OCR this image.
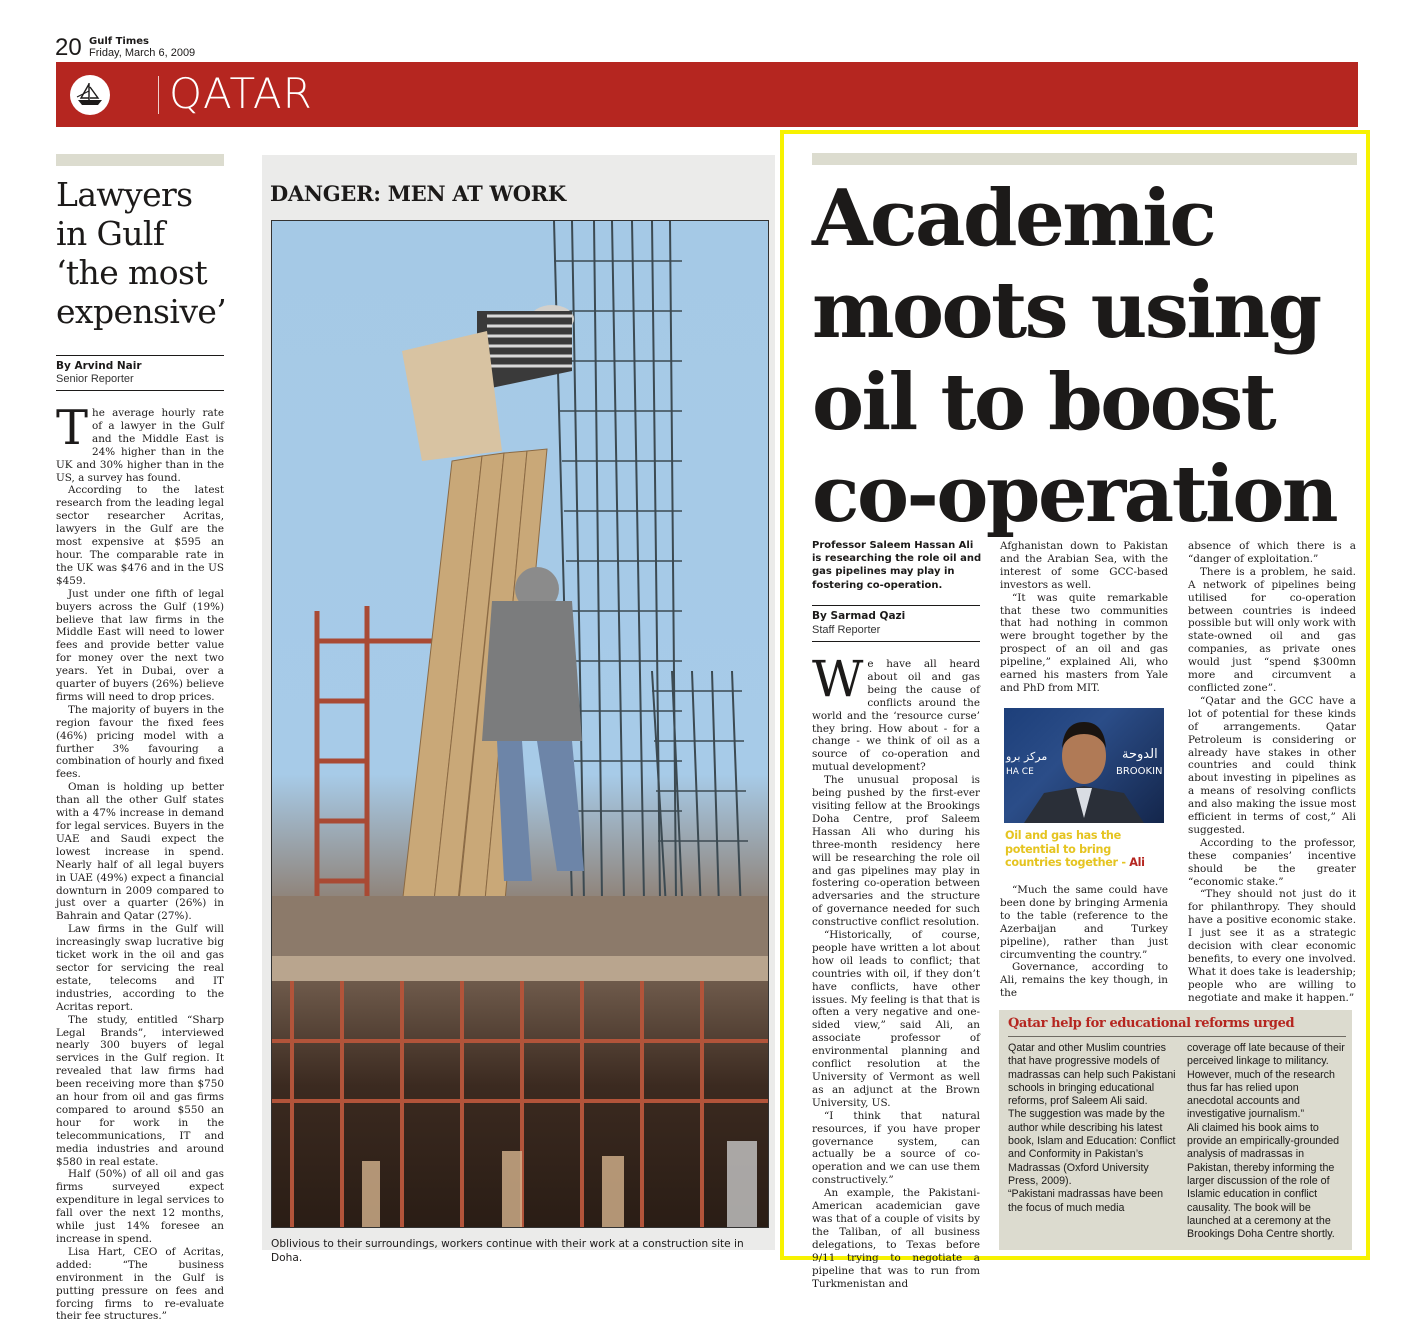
20 Gulf Times
Friday, March 6, 2009
QATAR
Lawyers in Gulf ‘the most expensive’
By Arvind Nair
Senior Reporter

The average hourly rate of a lawyer in the Gulf and the Middle East is 24% higher than in the UK and 30% higher than in the US, a survey has found.

According to the latest research from the leading legal sector researcher Acritas, lawyers in the Gulf are the most expensive at $595 an hour. The comparable rate in the UK was $476 and in the US $459.

Just under one fifth of legal buyers across the Gulf (19%) believe that law firms in the Middle East will need to lower fees and provide better value for money over the next two years. Yet in Dubai, over a quarter of buyers (26%) believe firms will need to drop prices.

The majority of buyers in the region favour the fixed fees (46%) pricing model with a further 3% favouring a combination of hourly and fixed fees.

Oman is holding up better than all the other Gulf states with a 47% increase in demand for legal services. Buyers in the UAE and Saudi expect the lowest increase in spend. Nearly half of all legal buyers in UAE (49%) expect a financial downturn in 2009 compared to just over a quarter (26%) in Bahrain and Qatar (27%).

Law firms in the Gulf will increasingly swap lucrative big ticket work in the oil and gas sector for servicing the real estate, telecoms and IT industries, according to the Acritas report.

The study, entitled “Sharp Legal Brands”, interviewed nearly 300 buyers of legal services in the Gulf region. It revealed that law firms had been receiving more than $750 an hour from oil and gas firms compared to around $550 an hour for work in the telecommunications, IT and media industries and around $580 in real estate.

Half (50%) of all oil and gas firms surveyed expect expenditure in legal services to fall over the next 12 months, while just 14% foresee an increase in spend.

Lisa Hart, CEO of Acritas, added: “The business environment in the Gulf is putting pressure on fees and forcing firms to re-evaluate their fee structures.”

DANGER: MEN AT WORK
Oblivious to their surroundings, workers continue with their work at a construction site in Doha.
Academic moots using oil to boost co-operation
Professor Saleem Hassan Ali is researching the role oil and gas pipelines may play in fostering co-operation.
By Sarmad Qazi
Staff Reporter

We have all heard about oil and gas being the cause of conflicts around the world and the ‘resource curse’ they bring. How about - for a change - we think of oil as a source of co-operation and mutual development?

The unusual proposal is being pushed by the first-ever visiting fellow at the Brookings Doha Centre, prof Saleem Hassan Ali who during his three-month residency here will be researching the role oil and gas pipelines may play in fostering co-operation between adversaries and the structure of governance needed for such constructive conflict resolution.

“Historically, of course, people have written a lot about how oil leads to conflict; that countries with oil, if they don’t have conflicts, have other issues. My feeling is that that is often a very negative and one-sided view,” said Ali, an associate professor of environmental planning and conflict resolution at the University of Vermont as well as an adjunct at the Brown University, US.

“I think that natural resources, if you have proper governance system, can actually be a source of co-operation and we can use them constructively.”

An example, the Pakistani-American academician gave was that of a couple of visits by the Taliban, of all business delegations, to Texas before 9/11 trying to negotiate a pipeline that was to run from Turkmenistan and

Afghanistan down to Pakistan and the Arabian Sea, with the interest of some GCC-based investors as well.

“It was quite remarkable that these two communities that had nothing in common were brought together by the prospect of an oil and gas pipeline,” explained Ali, who earned his masters from Yale and PhD from MIT.

الدوحة
BROOKIN
مركز برو
HA CE
Oil and gas has the potential to bring countries together - Ali

“Much the same could have been done by bringing Armenia to the table (reference to the Azerbaijan and Turkey pipeline), rather than just circumventing the country.”

Governance, according to Ali, remains the key though, in the

absence of which there is a “danger of exploitation.”

There is a problem, he said. A network of pipelines being utilised for co-operation between countries is indeed possible but will only work with state-owned oil and gas companies, as private ones would just “spend $300mn more and circumvent a conflicted zone”.

“Qatar and the GCC have a lot of potential for these kinds of arrangements. Qatar Petroleum is considering or already have stakes in other countries and could think about investing in pipelines as a means of resolving conflicts and also making the issue most efficient in terms of cost,” Ali suggested.

According to the professor, these companies’ incentive should be the greater “economic stake.”

“They should not just do it for philanthropy. They should have a positive economic stake. I just see it as a strategic decision with clear economic benefits, to every one involved. What it does take is leadership; people who are willing to negotiate and make it happen.”

Qatar help for educational reforms urged

Qatar and other Muslim countries that have progressive models of madrassas can help such Pakistani schools in bringing educational reforms, prof Saleem Ali said.

The suggestion was made by the author while describing his latest book, Islam and Education: Conflict and Conformity in Pakistan’s Madrassas (Oxford University Press, 2009).

“Pakistani madrassas have been the focus of much media

coverage off late because of their perceived linkage to militancy. However, much of the research thus far has relied upon anecdotal accounts and investigative journalism.”

Ali claimed his book aims to provide an empirically-grounded analysis of madrassas in Pakistan, thereby informing the larger discussion of the role of Islamic education in conflict causality. The book will be launched at a ceremony at the Brookings Doha Centre shortly.
